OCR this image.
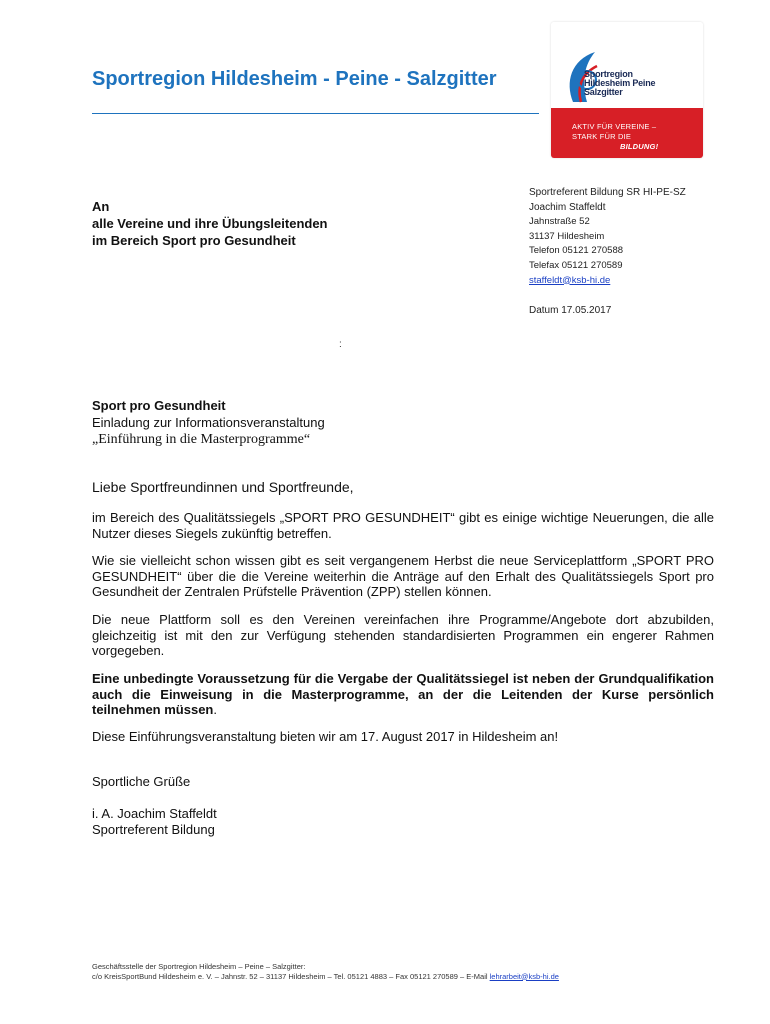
Sportregion Hildesheim - Peine - Salzgitter	Sportregion
Hildesheim Peine
Salzgitter
AKTIV FÜR VEREINE –
STARK FÜR DIE
BILDUNG!
An
alle Vereine und ihre Übungsleitenden
im Bereich Sport pro Gesundheit
Sportreferent Bildung SR HI-PE-SZ
Joachim Staffeldt
Jahnstraße 52
31137 Hildesheim
Telefon 05121 270588
Telefax 05121 270589
staffeldt@ksb-hi.de
Datum 17.05.2017
:
Sport pro Gesundheit
Einladung zur Informationsveranstaltung
„Einführung in die Masterprogramme“
Liebe Sportfreundinnen und Sportfreunde,
im Bereich des Qualitätssiegels „SPORT PRO GESUNDHEIT“ gibt es einige wichtige Neuerungen, die alle Nutzer dieses Siegels zukünftig betreffen.
Wie sie vielleicht schon wissen gibt es seit vergangenem Herbst die neue Serviceplattform „SPORT PRO GESUNDHEIT“ über die die Vereine weiterhin die Anträge auf den Erhalt des Qualitätssiegels Sport pro Gesundheit der Zentralen Prüfstelle Prävention (ZPP) stellen können.
Die neue Plattform soll es den Vereinen vereinfachen ihre Programme/Angebote dort abzubilden, gleichzeitig ist mit den zur Verfügung stehenden standardisierten Programmen ein engerer Rahmen vorgegeben.
Eine unbedingte Voraussetzung für die Vergabe der Qualitätssiegel ist neben der Grundqualifikation auch die Einweisung in die Masterprogramme, an der die Leitenden der Kurse persönlich teilnehmen müssen.
Diese Einführungsveranstaltung bieten wir am 17. August 2017 in Hildesheim an!
Sportliche Grüße
i. A. Joachim Staffeldt
Sportreferent Bildung
Geschäftsstelle der Sportregion Hildesheim – Peine – Salzgitter:
c/o KreisSportBund Hildesheim e. V. – Jahnstr. 52 – 31137 Hildesheim – Tel. 05121 4883 – Fax 05121 270589 – E-Mail lehrarbeit@ksb-hi.de
